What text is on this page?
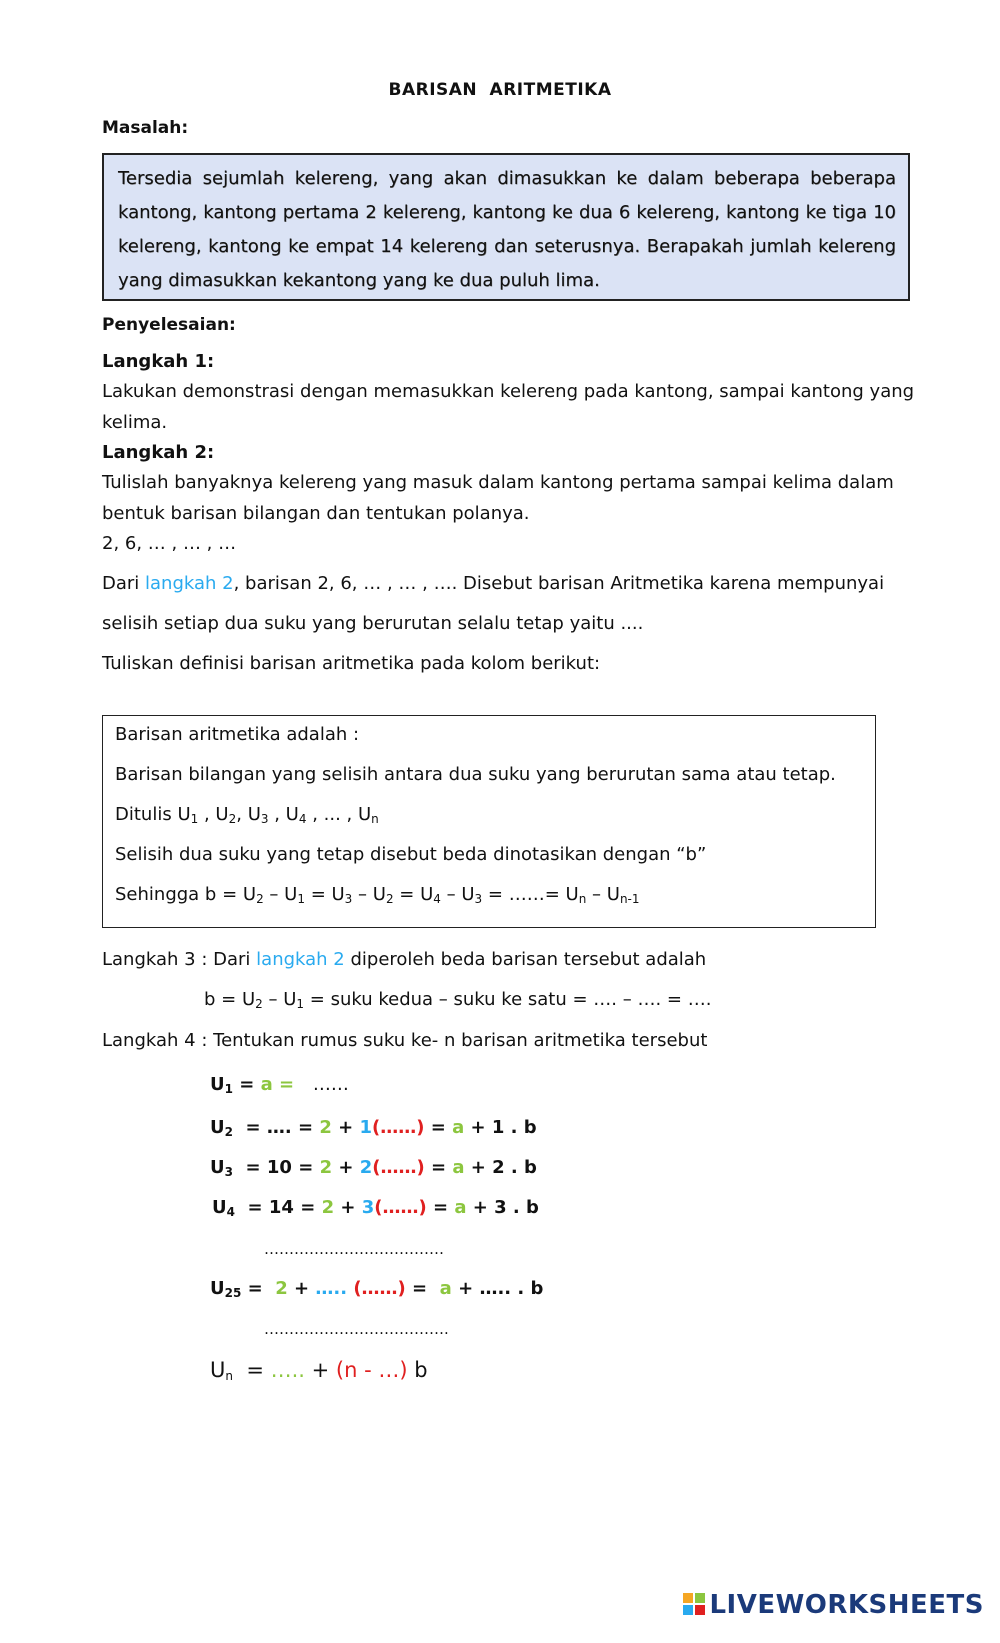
BARISAN ARITMETIKA
Masalah:
Tersedia sejumlah kelereng, yang akan dimasukkan ke dalam beberapa beberapa kantong, kantong pertama 2 kelereng, kantong ke dua 6 kelereng, kantong ke tiga 10 kelereng, kantong ke empat 14 kelereng dan seterusnya. Berapakah jumlah kelereng yang dimasukkan kekantong yang ke dua puluh lima.
Penyelesaian:
Langkah 1:
Lakukan demonstrasi dengan memasukkan kelereng pada kantong, sampai kantong yang
kelima.
Langkah 2:
Tulislah banyaknya kelereng yang masuk dalam kantong pertama sampai kelima dalam
bentuk barisan bilangan dan tentukan polanya.
2, 6, … , … , …
Dari langkah 2, barisan 2, 6, … , … , …. Disebut barisan Aritmetika karena mempunyai
selisih setiap dua suku yang berurutan selalu tetap yaitu ....
Tuliskan definisi barisan aritmetika pada kolom berikut:
Barisan aritmetika adalah :
Barisan bilangan yang selisih antara dua suku yang berurutan sama atau tetap.
Ditulis $U_1$ , $U_2$, $U_3$ , $U_4$ , ... , $U_n$
Selisih dua suku yang tetap disebut beda dinotasikan dengan “b”
Sehingga $b = U_2 - U_1 = U_3 - U_2 = U_4 - U_3$ = ……= $U_n - U_{n-1}$
Langkah 3 : Dari langkah 2 diperoleh beda barisan tersebut adalah
$b = U_2 - U_1$ = suku kedua – suku ke satu = …. – …. = ….
Langkah 4 : Tentukan rumus suku ke- n barisan aritmetika tersebut
$U_1 = a$ = ……
$U_2$  = …. = 2 + 1(……) = a + 1 . b
$U_3 = 10 = 2$ + 2(……) = a + 2 . b
$U_4 = 14 = 2$ + 3(……) = a + 3 . b
………………………………
$U_{25} = 2$ + ….. (……) =  a + ….. . b
……………………………….
$U_n$  = ….. + (n - …) b
LIVEWORKSHEETS
